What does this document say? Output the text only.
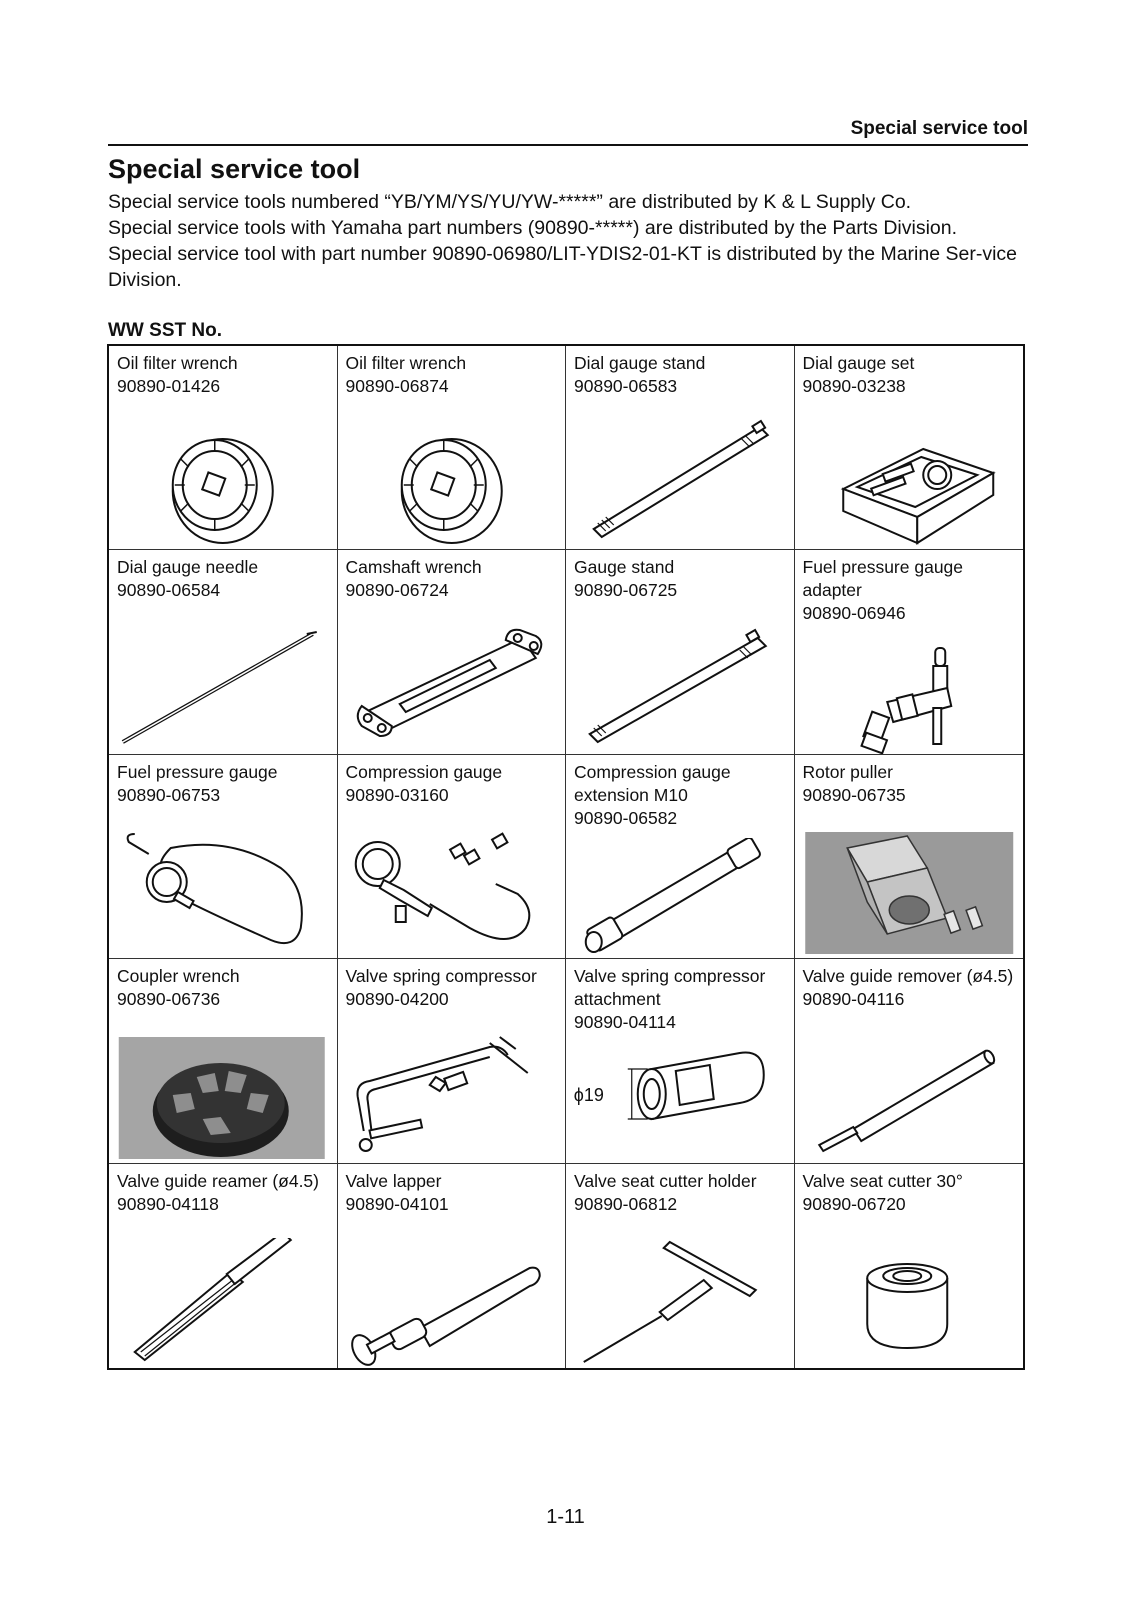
Special service tool
Special service tool

Special service tools numbered “YB/YM/YS/YU/YW-*****” are distributed by K & L Supply Co.

Special service tools with Yamaha part numbers (90890-*****) are distributed by the Parts Division.

Special service tool with part number 90890-06980/LIT-YDIS2-01-KT is distributed by the Marine Ser-vice Division.

WW SST No.
Oil filter wrench
90890-01426
Oil filter wrench
90890-06874
Dial gauge stand
90890-06583
Dial gauge set
90890-03238
Dial gauge needle
90890-06584
Camshaft wrench
90890-06724
Gauge stand
90890-06725
Fuel pressure gauge adapter
90890-06946
Fuel pressure gauge
90890-06753
Compression gauge
90890-03160
Compression gauge extension M10
90890-06582
Rotor puller
90890-06735
Coupler wrench
90890-06736
Valve spring compressor
90890-04200
Valve spring compressor attachment
90890-04114
ϕ19
Valve guide remover (ø4.5)
90890-04116
Valve guide reamer (ø4.5)
90890-04118
Valve lapper
90890-04101
Valve seat cutter holder
90890-06812
Valve seat cutter 30°
90890-06720
1-11
